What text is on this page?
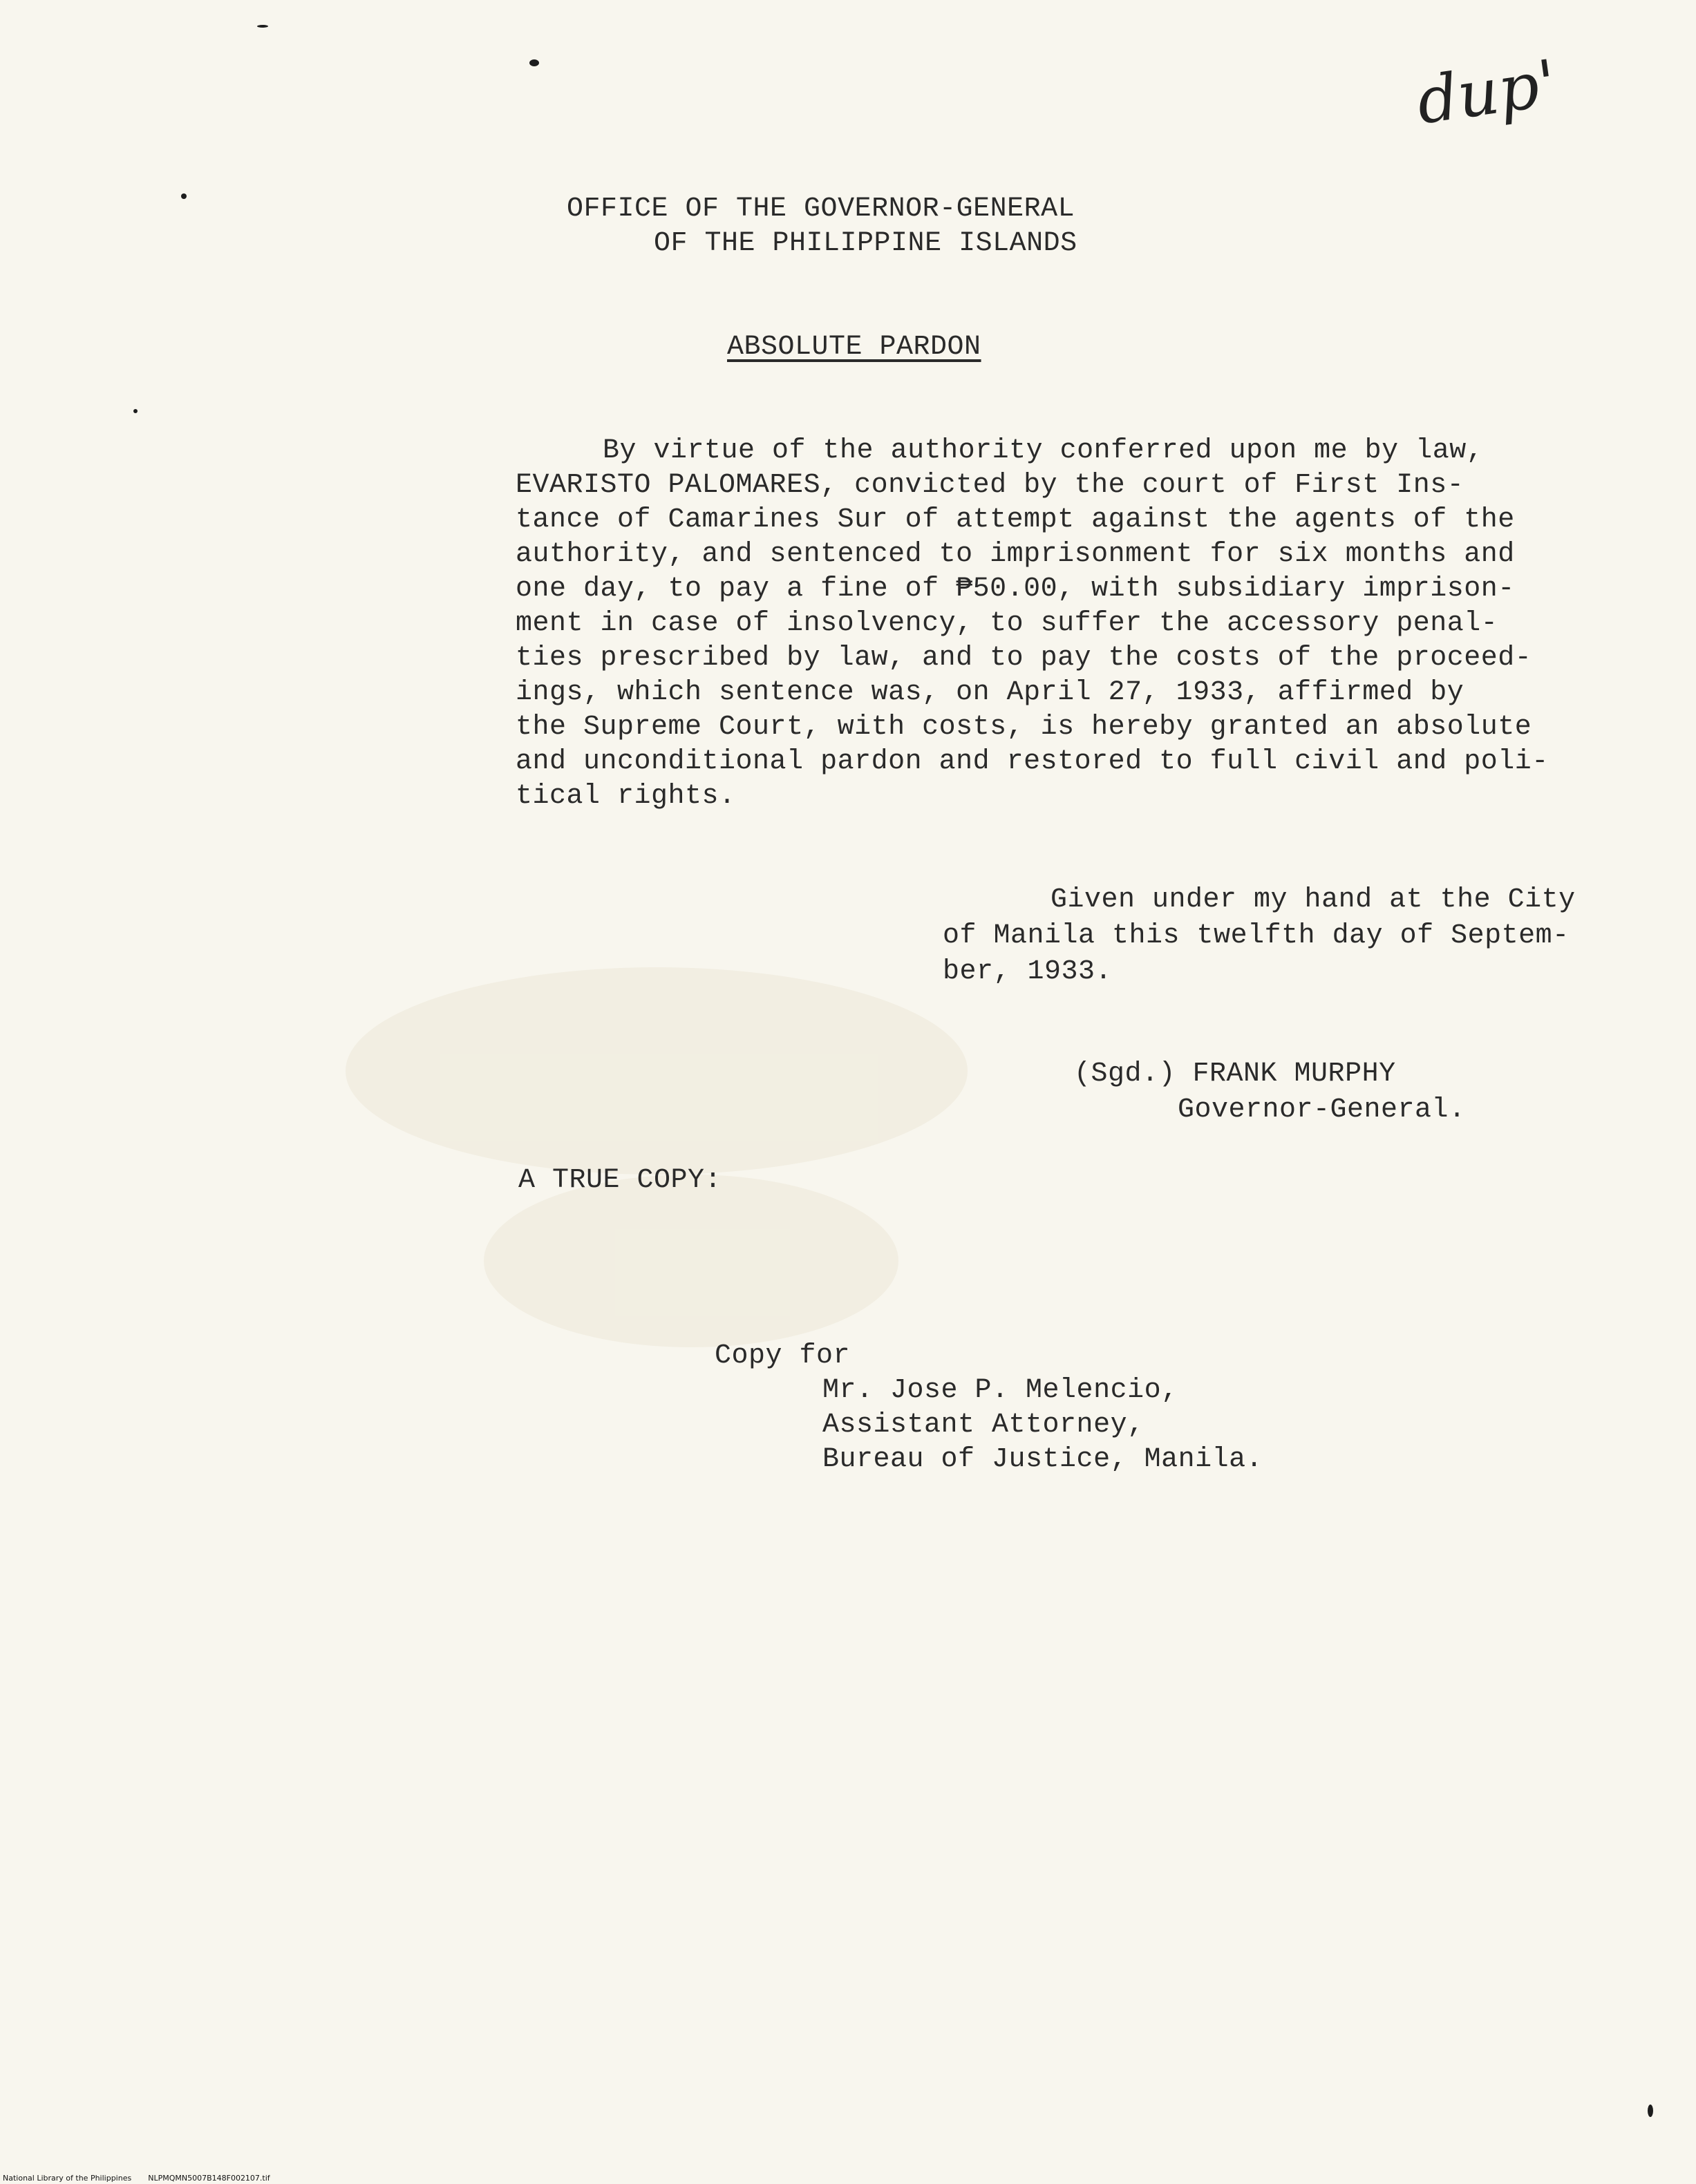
dup'
OFFICE OF THE GOVERNOR-GENERAL
OF THE PHILIPPINE ISLANDS
ABSOLUTE PARDON
By virtue of the authority conferred upon me by law,
EVARISTO PALOMARES, convicted by the court of First Ins-
tance of Camarines Sur of attempt against the agents of the
authority, and sentenced to imprisonment for six months and
one day, to pay a fine of ₱50.00, with subsidiary imprison-
ment in case of insolvency, to suffer the accessory penal-
ties prescribed by law, and to pay the costs of the proceed-
ings, which sentence was, on April 27, 1933, affirmed by
the Supreme Court, with costs, is hereby granted an absolute
and unconditional pardon and restored to full civil and poli-
tical rights.
Given under my hand at the City
of Manila this twelfth day of Septem-
ber, 1933.
(Sgd.) FRANK MURPHY
Governor-General.
A TRUE COPY:
Copy for
Mr. Jose P. Melencio,
Assistant Attorney,
Bureau of Justice, Manila.
National Library of the Philippines NLPMQMN5007B148F002107.tif
